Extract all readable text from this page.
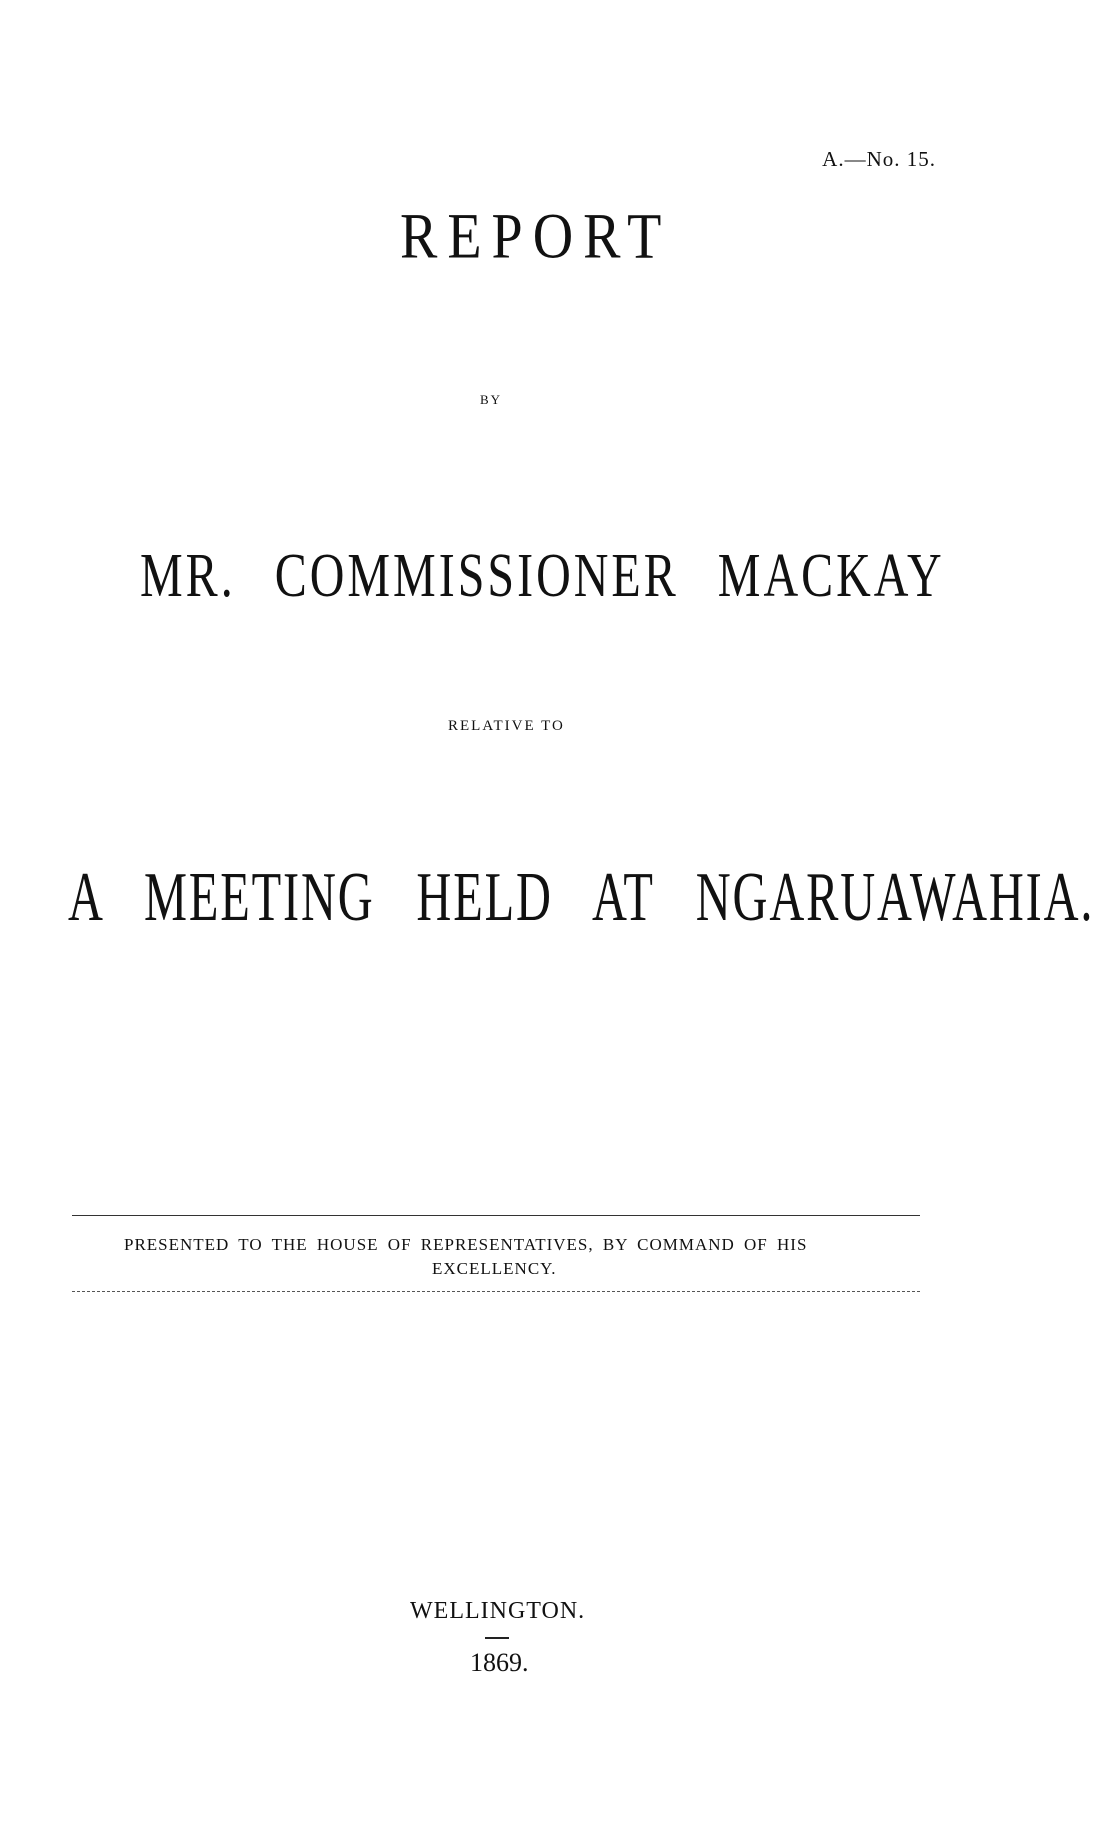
A.—No. 15.
REPORT
BY
MR. COMMISSIONER MACKAY
RELATIVE TO
A MEETING HELD AT NGARUAWAHIA.
PRESENTED TO THE HOUSE OF REPRESENTATIVES, BY COMMAND OF HIS
EXCELLENCY.
WELLINGTON.
1869.
